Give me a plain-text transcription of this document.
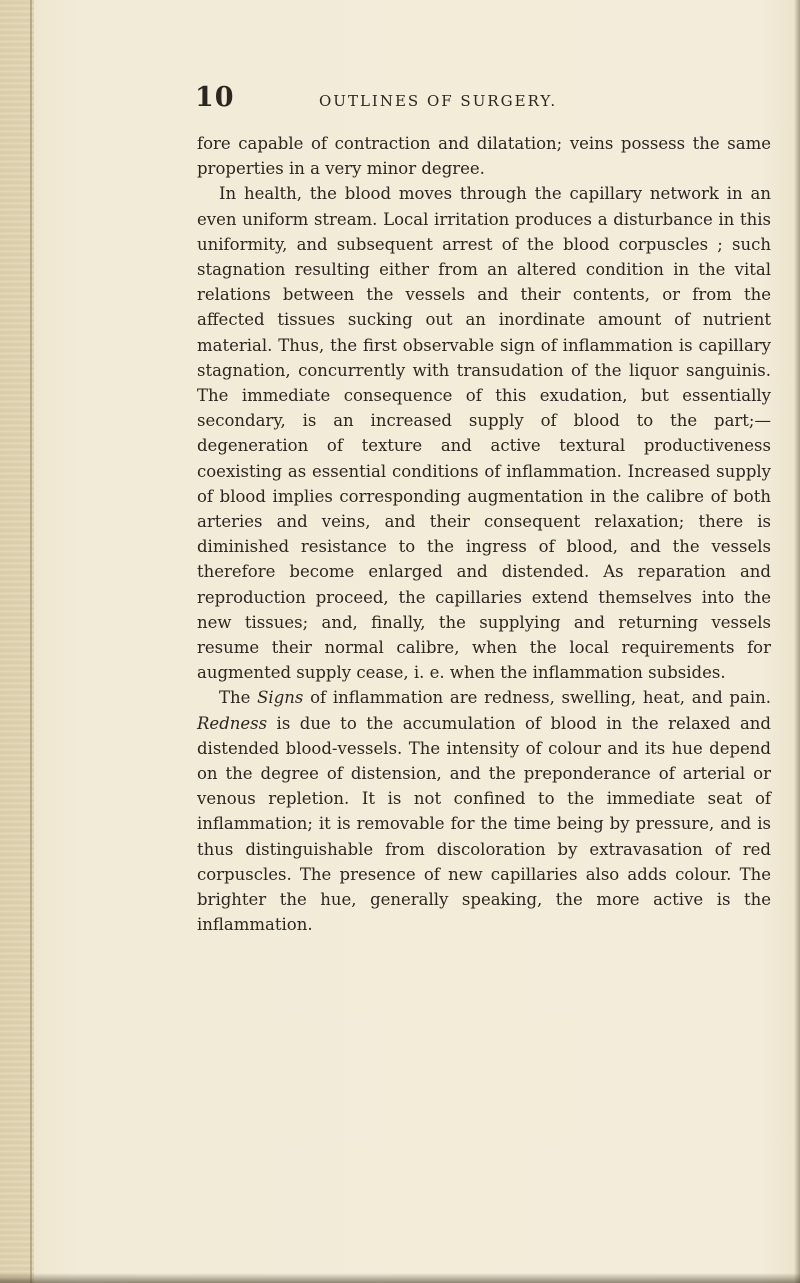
10	OUTLINES OF SURGERY.

fore capable of contraction and dilatation; veins possess the same properties in a very minor degree.

In health, the blood moves through the capillary network in an even uniform stream. Local irritation produces a disturbance in this uniformity, and subsequent arrest of the blood corpuscles ; such stagnation resulting either from an altered condition in the vital relations between the vessels and their contents, or from the affected tissues sucking out an inordinate amount of nutrient material. Thus, the first observable sign of inflammation is capillary stagnation, concurrently with transudation of the liquor sanguinis. The immediate consequence of this exudation, but essentially secondary, is an increased supply of blood to the part;—degeneration of texture and active textural productiveness coexisting as essential conditions of inflammation. Increased supply of blood implies corresponding augmentation in the calibre of both arteries and veins, and their consequent relaxation; there is diminished resistance to the ingress of blood, and the vessels therefore become enlarged and distended. As reparation and reproduction proceed, the capillaries extend themselves into the new tissues; and, finally, the supplying and returning vessels resume their normal calibre, when the local requirements for augmented supply cease, i. e. when the inflammation subsides.

The Signs of inflammation are redness, swelling, heat, and pain. Redness is due to the accumulation of blood in the relaxed and distended blood-vessels. The intensity of colour and its hue depend on the degree of distension, and the preponderance of arterial or venous repletion. It is not confined to the immediate seat of inflammation; it is removable for the time being by pressure, and is thus distinguishable from discoloration by extravasation of red corpuscles. The presence of new capillaries also adds colour. The brighter the hue, generally speaking, the more active is the inflammation.
